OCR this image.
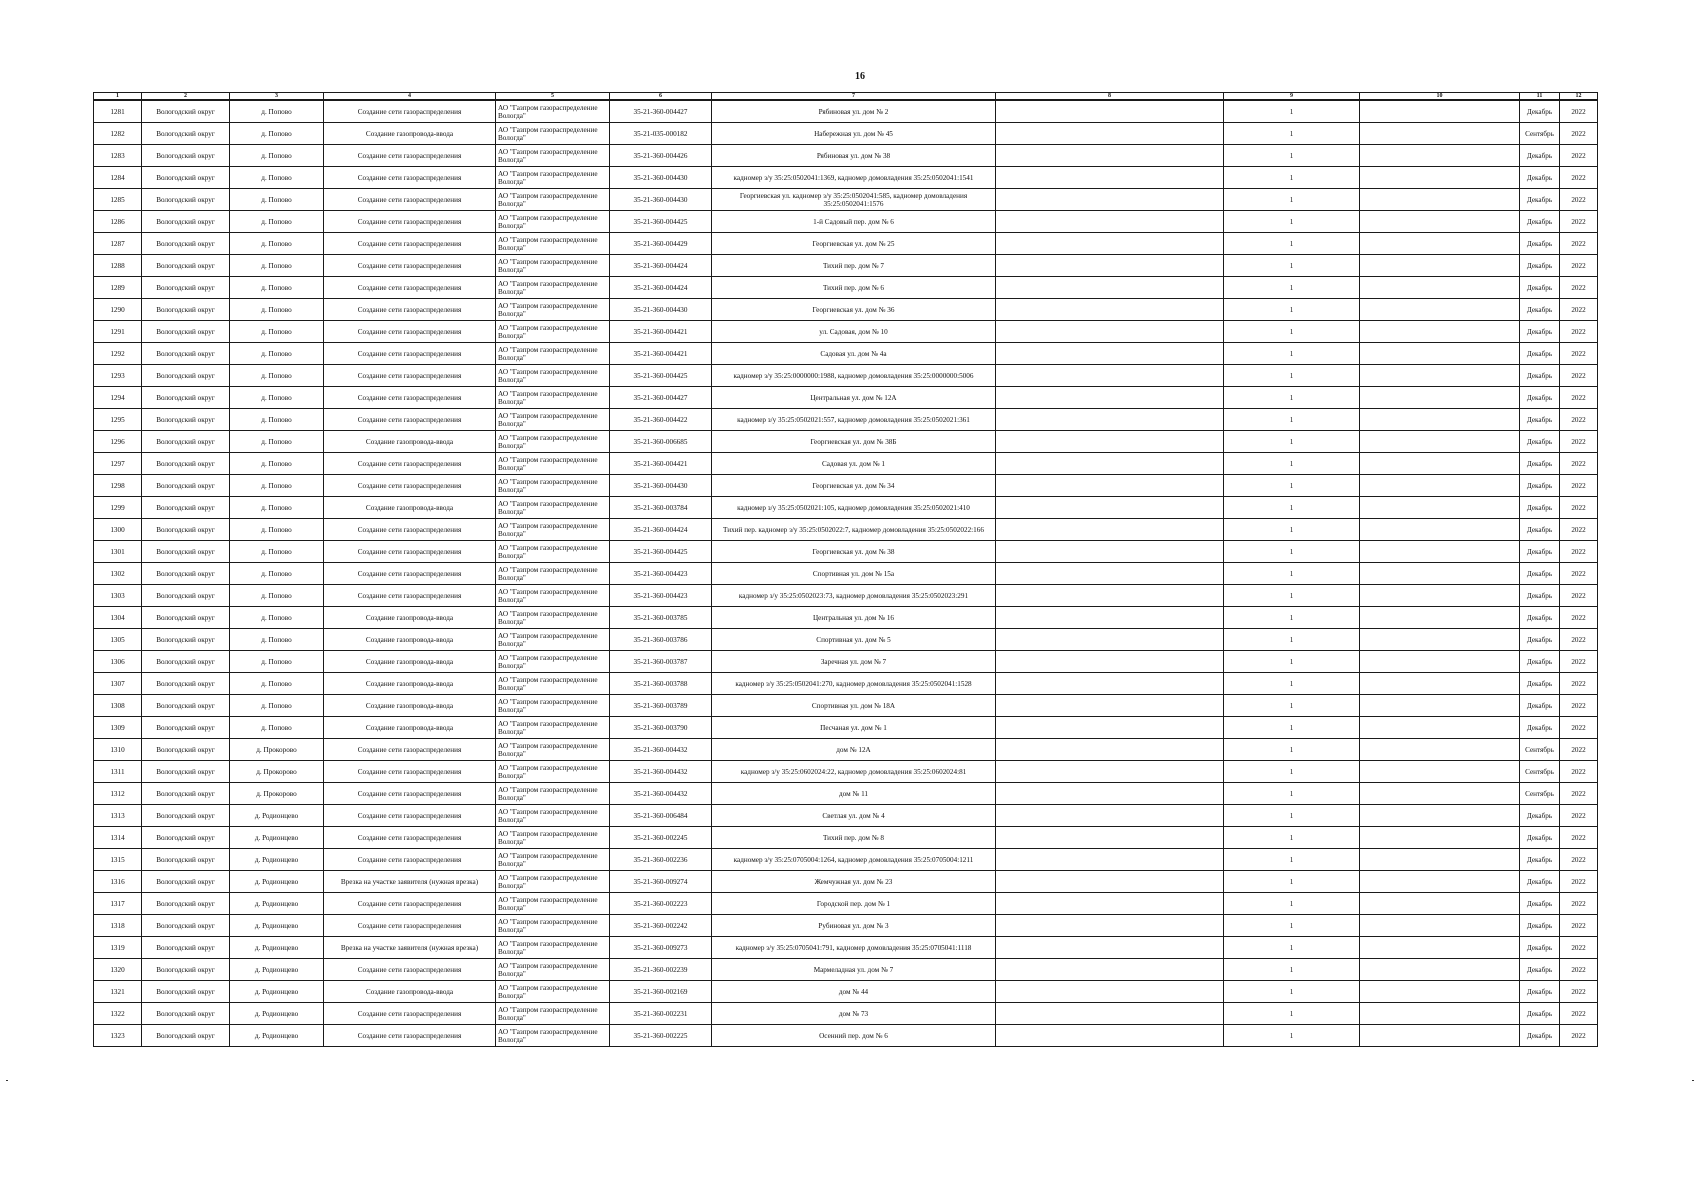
16
1	2	3	4	5	6	7	8	9	10	11	12
1281	Вологодский округ	д. Попово	Создание сети газораспределения	АО "Газпром газораспределение Вологда"	35-21-360-004427	Рябиновая ул. дом № 2		1		Декабрь	2022
1282	Вологодский округ	д. Попово	Создание газопровода-ввода	АО "Газпром газораспределение Вологда"	35-21-035-000182	Набережная ул. дом № 45		1		Сентябрь	2022
1283	Вологодский округ	д. Попово	Создание сети газораспределения	АО "Газпром газораспределение Вологда"	35-21-360-004426	Рябиновая ул. дом № 38		1		Декабрь	2022
1284	Вологодский округ	д. Попово	Создание сети газораспределения	АО "Газпром газораспределение Вологда"	35-21-360-004430	кадномер з/у 35:25:0502041:1369, кадномер домовладения 35:25:0502041:1541		1		Декабрь	2022
1285	Вологодский округ	д. Попово	Создание сети газораспределения	АО "Газпром газораспределение Вологда"	35-21-360-004430	Георгиевская ул. кадномер з/у 35:25:0502041:585, кадномер домовладения 35:25:0502041:1576		1		Декабрь	2022
1286	Вологодский округ	д. Попово	Создание сети газораспределения	АО "Газпром газораспределение Вологда"	35-21-360-004425	1-й Садовый пер. дом № 6		1		Декабрь	2022
1287	Вологодский округ	д. Попово	Создание сети газораспределения	АО "Газпром газораспределение Вологда"	35-21-360-004429	Георгиевская ул. дом № 25		1		Декабрь	2022
1288	Вологодский округ	д. Попово	Создание сети газораспределения	АО "Газпром газораспределение Вологда"	35-21-360-004424	Тихий пер. дом № 7		1		Декабрь	2022
1289	Вологодский округ	д. Попово	Создание сети газораспределения	АО "Газпром газораспределение Вологда"	35-21-360-004424	Тихий пер. дом № 6		1		Декабрь	2022
1290	Вологодский округ	д. Попово	Создание сети газораспределения	АО "Газпром газораспределение Вологда"	35-21-360-004430	Георгиевская ул. дом № 36		1		Декабрь	2022
1291	Вологодский округ	д. Попово	Создание сети газораспределения	АО "Газпром газораспределение Вологда"	35-21-360-004421	ул. Садовая, дом № 10		1		Декабрь	2022
1292	Вологодский округ	д. Попово	Создание сети газораспределения	АО "Газпром газораспределение Вологда"	35-21-360-004421	Садовая ул. дом № 4а		1		Декабрь	2022
1293	Вологодский округ	д. Попово	Создание сети газораспределения	АО "Газпром газораспределение Вологда"	35-21-360-004425	кадномер з/у 35:25:0000000:1988, кадномер домовладения 35:25:0000000:5006		1		Декабрь	2022
1294	Вологодский округ	д. Попово	Создание сети газораспределения	АО "Газпром газораспределение Вологда"	35-21-360-004427	Центральная ул. дом № 12А		1		Декабрь	2022
1295	Вологодский округ	д. Попово	Создание сети газораспределения	АО "Газпром газораспределение Вологда"	35-21-360-004422	кадномер з/у 35:25:0502021:557, кадномер домовладения 35:25:0502021:361		1		Декабрь	2022
1296	Вологодский округ	д. Попово	Создание газопровода-ввода	АО "Газпром газораспределение Вологда"	35-21-360-006685	Георгиевская ул. дом № 38Б		1		Декабрь	2022
1297	Вологодский округ	д. Попово	Создание сети газораспределения	АО "Газпром газораспределение Вологда"	35-21-360-004421	Садовая ул. дом № 1		1		Декабрь	2022
1298	Вологодский округ	д. Попово	Создание сети газораспределения	АО "Газпром газораспределение Вологда"	35-21-360-004430	Георгиевская ул. дом № 34		1		Декабрь	2022
1299	Вологодский округ	д. Попово	Создание газопровода-ввода	АО "Газпром газораспределение Вологда"	35-21-360-003784	кадномер з/у 35:25:0502021:105, кадномер домовладения 35:25:0502021:410		1		Декабрь	2022
1300	Вологодский округ	д. Попово	Создание сети газораспределения	АО "Газпром газораспределение Вологда"	35-21-360-004424	Тихий пер. кадномер з/у 35:25:0502022:7, кадномер домовладения 35:25:0502022:166		1		Декабрь	2022
1301	Вологодский округ	д. Попово	Создание сети газораспределения	АО "Газпром газораспределение Вологда"	35-21-360-004425	Георгиевская ул. дом № 38		1		Декабрь	2022
1302	Вологодский округ	д. Попово	Создание сети газораспределения	АО "Газпром газораспределение Вологда"	35-21-360-004423	Спортивная ул. дом № 15а		1		Декабрь	2022
1303	Вологодский округ	д. Попово	Создание сети газораспределения	АО "Газпром газораспределение Вологда"	35-21-360-004423	кадномер з/у 35:25:0502023:73, кадномер домовладения 35:25:0502023:291		1		Декабрь	2022
1304	Вологодский округ	д. Попово	Создание газопровода-ввода	АО "Газпром газораспределение Вологда"	35-21-360-003785	Центральная ул. дом № 16		1		Декабрь	2022
1305	Вологодский округ	д. Попово	Создание газопровода-ввода	АО "Газпром газораспределение Вологда"	35-21-360-003786	Спортивная ул. дом № 5		1		Декабрь	2022
1306	Вологодский округ	д. Попово	Создание газопровода-ввода	АО "Газпром газораспределение Вологда"	35-21-360-003787	Заречная ул. дом № 7		1		Декабрь	2022
1307	Вологодский округ	д. Попово	Создание газопровода-ввода	АО "Газпром газораспределение Вологда"	35-21-360-003788	кадномер з/у 35:25:0502041:270, кадномер домовладения 35:25:0502041:1528		1		Декабрь	2022
1308	Вологодский округ	д. Попово	Создание газопровода-ввода	АО "Газпром газораспределение Вологда"	35-21-360-003789	Спортивная ул. дом № 18А		1		Декабрь	2022
1309	Вологодский округ	д. Попово	Создание газопровода-ввода	АО "Газпром газораспределение Вологда"	35-21-360-003790	Песчаная ул. дом № 1		1		Декабрь	2022
1310	Вологодский округ	д. Прокорово	Создание сети газораспределения	АО "Газпром газораспределение Вологда"	35-21-360-004432	дом № 12А		1		Сентябрь	2022
1311	Вологодский округ	д. Прокорово	Создание сети газораспределения	АО "Газпром газораспределение Вологда"	35-21-360-004432	кадномер з/у 35:25:0602024:22, кадномер домовладения 35:25:0602024:81		1		Сентябрь	2022
1312	Вологодский округ	д. Прокорово	Создание сети газораспределения	АО "Газпром газораспределение Вологда"	35-21-360-004432	дом № 11		1		Сентябрь	2022
1313	Вологодский округ	д. Родионцево	Создание сети газораспределения	АО "Газпром газораспределение Вологда"	35-21-360-006484	Светлая ул. дом № 4		1		Декабрь	2022
1314	Вологодский округ	д. Родионцево	Создание сети газораспределения	АО "Газпром газораспределение Вологда"	35-21-360-002245	Тихий пер. дом № 8		1		Декабрь	2022
1315	Вологодский округ	д. Родионцево	Создание сети газораспределения	АО "Газпром газораспределение Вологда"	35-21-360-002236	кадномер з/у 35:25:0705004:1264, кадномер домовладения 35:25:0705004:1211		1		Декабрь	2022
1316	Вологодский округ	д. Родионцево	Врезка на участке заявителя (нужная врезка)	АО "Газпром газораспределение Вологда"	35-21-360-009274	Жемчужная ул. дом № 23		1		Декабрь	2022
1317	Вологодский округ	д. Родионцево	Создание сети газораспределения	АО "Газпром газораспределение Вологда"	35-21-360-002223	Городской пер. дом № 1		1		Декабрь	2022
1318	Вологодский округ	д. Родионцево	Создание сети газораспределения	АО "Газпром газораспределение Вологда"	35-21-360-002242	Рубиновая ул. дом № 3		1		Декабрь	2022
1319	Вологодский округ	д. Родионцево	Врезка на участке заявителя (нужная врезка)	АО "Газпром газораспределение Вологда"	35-21-360-009273	кадномер з/у 35:25:0705041:791, кадномер домовладения 35:25:0705041:1118		1		Декабрь	2022
1320	Вологодский округ	д. Родионцево	Создание сети газораспределения	АО "Газпром газораспределение Вологда"	35-21-360-002239	Мармеладная ул. дом № 7		1		Декабрь	2022
1321	Вологодский округ	д. Родионцево	Создание газопровода-ввода	АО "Газпром газораспределение Вологда"	35-21-360-002169	дом № 44		1		Декабрь	2022
1322	Вологодский округ	д. Родионцево	Создание сети газораспределения	АО "Газпром газораспределение Вологда"	35-21-360-002231	дом № 73		1		Декабрь	2022
1323	Вологодский округ	д. Родионцево	Создание сети газораспределения	АО "Газпром газораспределение Вологда"	35-21-360-002225	Осенний пер. дом № 6		1		Декабрь	2022
